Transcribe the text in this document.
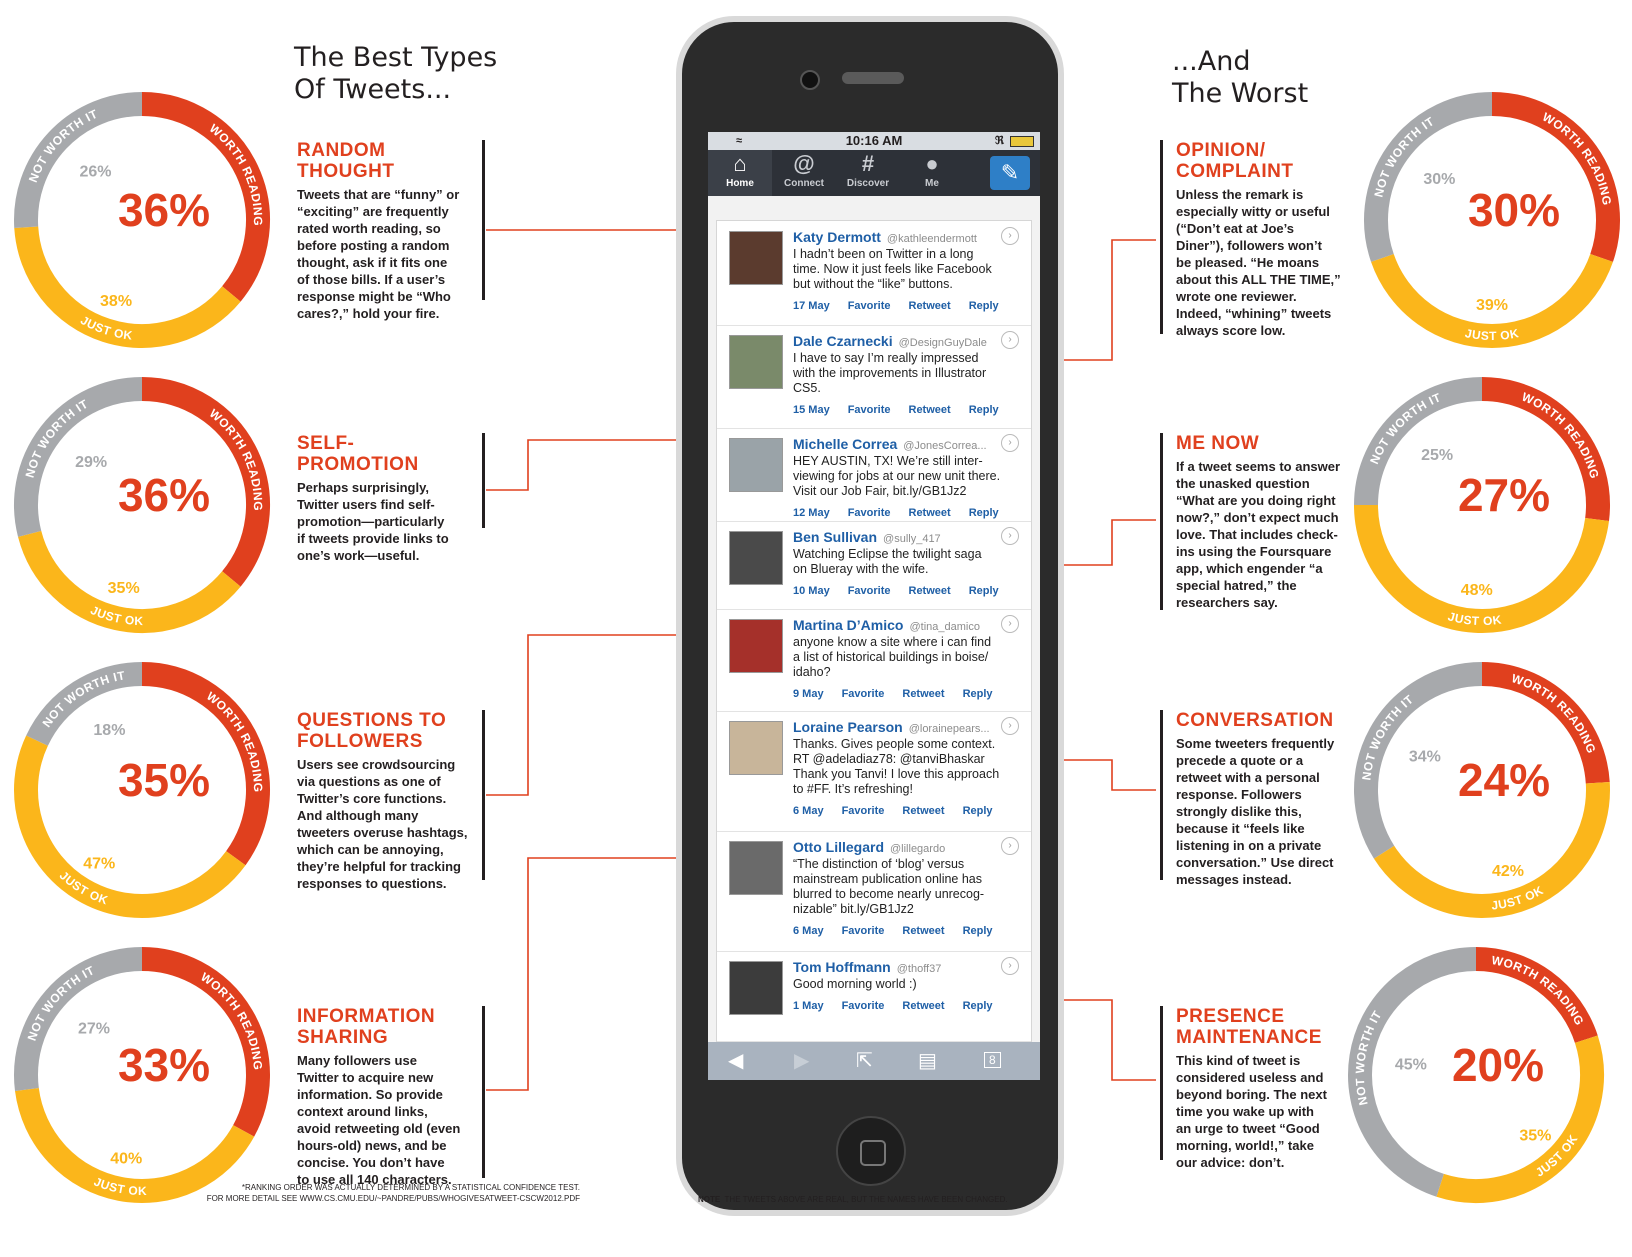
The Best Types
Of Tweets...
...And
The Worst
WORTH READING
NOT WORTH IT
JUST OK
36%
38%
26%
WORTH READING
NOT WORTH IT
JUST OK
36%
35%
29%
WORTH READING
NOT WORTH IT
JUST OK
35%
47%
18%
WORTH READING
NOT WORTH IT
JUST OK
33%
40%
27%
WORTH READING
NOT WORTH IT
JUST OK
30%
39%
30%
WORTH READING
NOT WORTH IT
JUST OK
27%
48%
25%
WORTH READING
NOT WORTH IT
JUST OK
24%
42%
34%
WORTH READING
NOT WORTH IT
JUST OK
20%
35%
45%
RANDOM
THOUGHT
Tweets that are “funny” or
“exciting” are frequently
rated worth reading, so
before posting a random
thought, ask if it fits one
of those bills. If a user’s
response might be “Who
cares?,” hold your fire.
SELF-PROMOTION
Perhaps surprisingly,
Twitter users find self-
promotion—particularly
if tweets provide links to
one’s work—useful.
QUESTIONS TO
FOLLOWERS
Users see crowdsourcing
via questions as one of
Twitter’s core functions.
And although many
tweeters overuse hashtags,
which can be annoying,
they’re helpful for tracking
responses to questions.
INFORMATION
SHARING
Many followers use
Twitter to acquire new
information. So provide
context around links,
avoid retweeting old (even
hours-old) news, and be
concise. You don’t have
to use all 140 characters.
OPINION/
COMPLAINT
Unless the remark is
especially witty or useful
(“Don’t eat at Joe’s
Diner”), followers won’t
be pleased. “He moans
about this ALL THE TIME,”
wrote one reviewer.
Indeed, “whining” tweets
always score low.
ME NOW
If a tweet seems to answer
the unasked question
“What are you doing right
now?,” don’t expect much
love. That includes check-
ins using the Foursquare
app, which engender “a
special hatred,” the
researchers say.
CONVERSATION
Some tweeters frequently
precede a quote or a
retweet with a personal
response. Followers
strongly dislike this,
because it “feels like
listening in on a private
conversation.” Use direct
messages instead.
PRESENCE
MAINTENANCE
This kind of tweet is
considered useless and
beyond boring. The next
time you wake up with
an urge to tweet “Good
morning, world!,” take
our advice: don’t.
≈	10:16 AM	ℜ
⌂
Home
@
Connect
#
Discover
●
Me	✎
Katy Dermott @kathleendermott	›
I hadn’t been on Twitter in a long
time. Now it just feels like Facebook
but without the “like” buttons.
17 May Favorite Retweet Reply
Dale Czarnecki @DesignGuyDale	›
I have to say I’m really impressed
with the improvements in Illustrator
CS5.
15 May Favorite Retweet Reply
Michelle Correa @JonesCorrea...	›
HEY AUSTIN, TX! We’re still inter-
viewing for jobs at our new unit there.
Visit our Job Fair, bit.ly/GB1Jz2
12 May Favorite Retweet Reply
Ben Sullivan @sully_417	›
Watching Eclipse the twilight saga
on Blueray with the wife.
10 May Favorite Retweet Reply
Martina D’Amico @tina_damico	›
anyone know a site where i can find
a list of historical buildings in boise/
idaho?
9 May Favorite Retweet Reply
Loraine Pearson @lorainepears...	›
Thanks. Gives people some context.
RT @adeladiaz78: @tanviBhaskar
Thank you Tanvi! I love this approach
to #FF. It’s refreshing!
6 May Favorite Retweet Reply
Otto Lillegard @lillegardo	›
“The distinction of ‘blog’ versus
mainstream publication online has
blurred to become nearly unrecog-
nizable” bit.ly/GB1Jz2
6 May Favorite Retweet Reply
Tom Hoffmann @thoff37	›
Good morning world :)
1 May Favorite Retweet Reply
◀	▶ ⇱ ▤	8
*RANKING ORDER WAS ACTUALLY DETERMINED BY A STATISTICAL CONFIDENCE TEST.
FOR MORE DETAIL SEE WWW.CS.CMU.EDU/~PANDRE/PUBS/WHOGIVESATWEET-CSCW2012.PDF	NOTE THE TWEETS ABOVE ARE REAL, BUT THE NAMES HAVE BEEN CHANGED.
